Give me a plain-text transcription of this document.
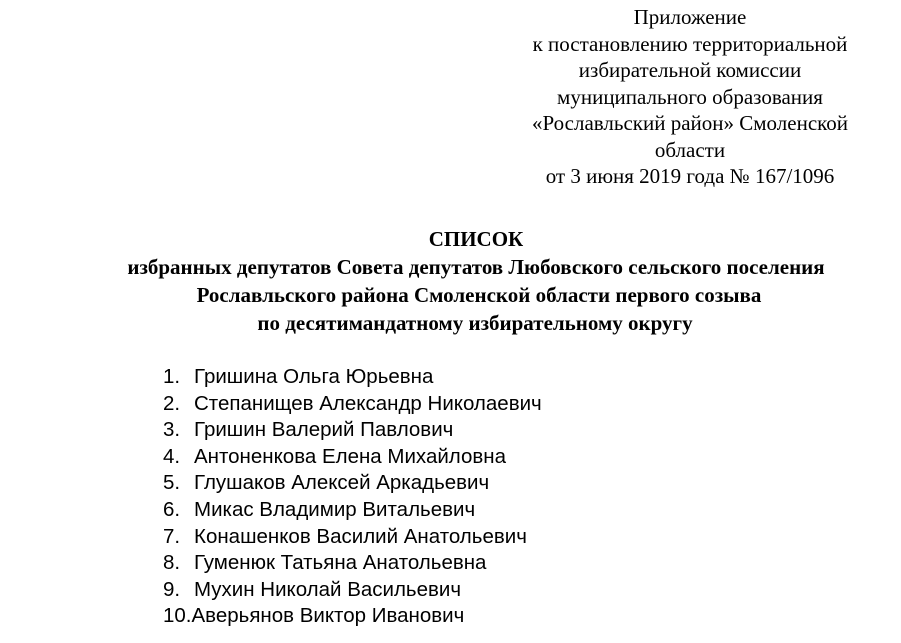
Приложение
к постановлению территориальной
избирательной комиссии
муниципального образования
«Рославльский район» Смоленской
области
от 3 июня 2019 года № 167/1096
СПИСОК
избранных депутатов Совета депутатов Любовского сельского поселения
Рославльского района Смоленской области первого созыва
по десятимандатному избирательному округу
1. Гришина Ольга Юрьевна
2. Степанищев Александр Николаевич
3. Гришин Валерий Павлович
4. Антоненкова Елена Михайловна
5. Глушаков Алексей Аркадьевич
6. Микас Владимир Витальевич
7. Конашенков Василий Анатольевич
8. Гуменюк Татьяна Анатольевна
9. Мухин Николай Васильевич
10. Аверьянов Виктор Иванович
